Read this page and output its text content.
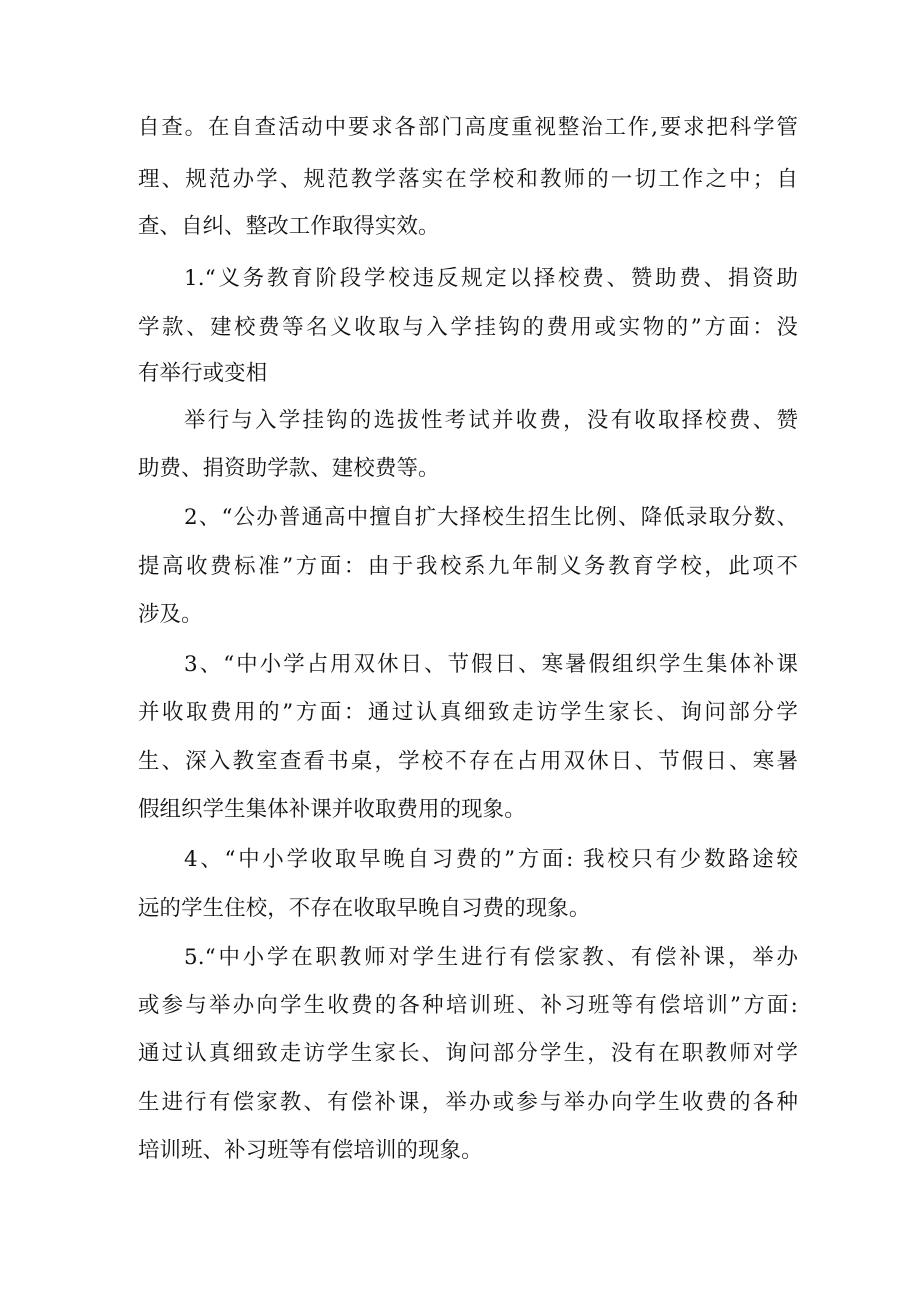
自查。在自查活动中要求各部门高度重视整治工作,要求把科学管
理、规范办学、规范教学落实在学校和教师的一切工作之中；自
查、自纠、整改工作取得实效。
1.“义务教育阶段学校违反规定以择校费、赞助费、捐资助
学款、建校费等名义收取与入学挂钩的费用或实物的”方面：没
有举行或变相
举行与入学挂钩的选拔性考试并收费，没有收取择校费、赞
助费、捐资助学款、建校费等。
2、“公办普通高中擅自扩大择校生招生比例、降低录取分数、
提高收费标准”方面：由于我校系九年制义务教育学校，此项不
涉及。
3、“中小学占用双休日、节假日、寒暑假组织学生集体补课
并收取费用的”方面：通过认真细致走访学生家长、询问部分学
生、深入教室查看书桌，学校不存在占用双休日、节假日、寒暑
假组织学生集体补课并收取费用的现象。
4、“中小学收取早晚自习费的”方面: 我校只有少数路途较
远的学生住校，不存在收取早晚自习费的现象。
5.“中小学在职教师对学生进行有偿家教、有偿补课，举办
或参与举办向学生收费的各种培训班、补习班等有偿培训”方面:
通过认真细致走访学生家长、询问部分学生，没有在职教师对学
生进行有偿家教、有偿补课，举办或参与举办向学生收费的各种
培训班、补习班等有偿培训的现象。
